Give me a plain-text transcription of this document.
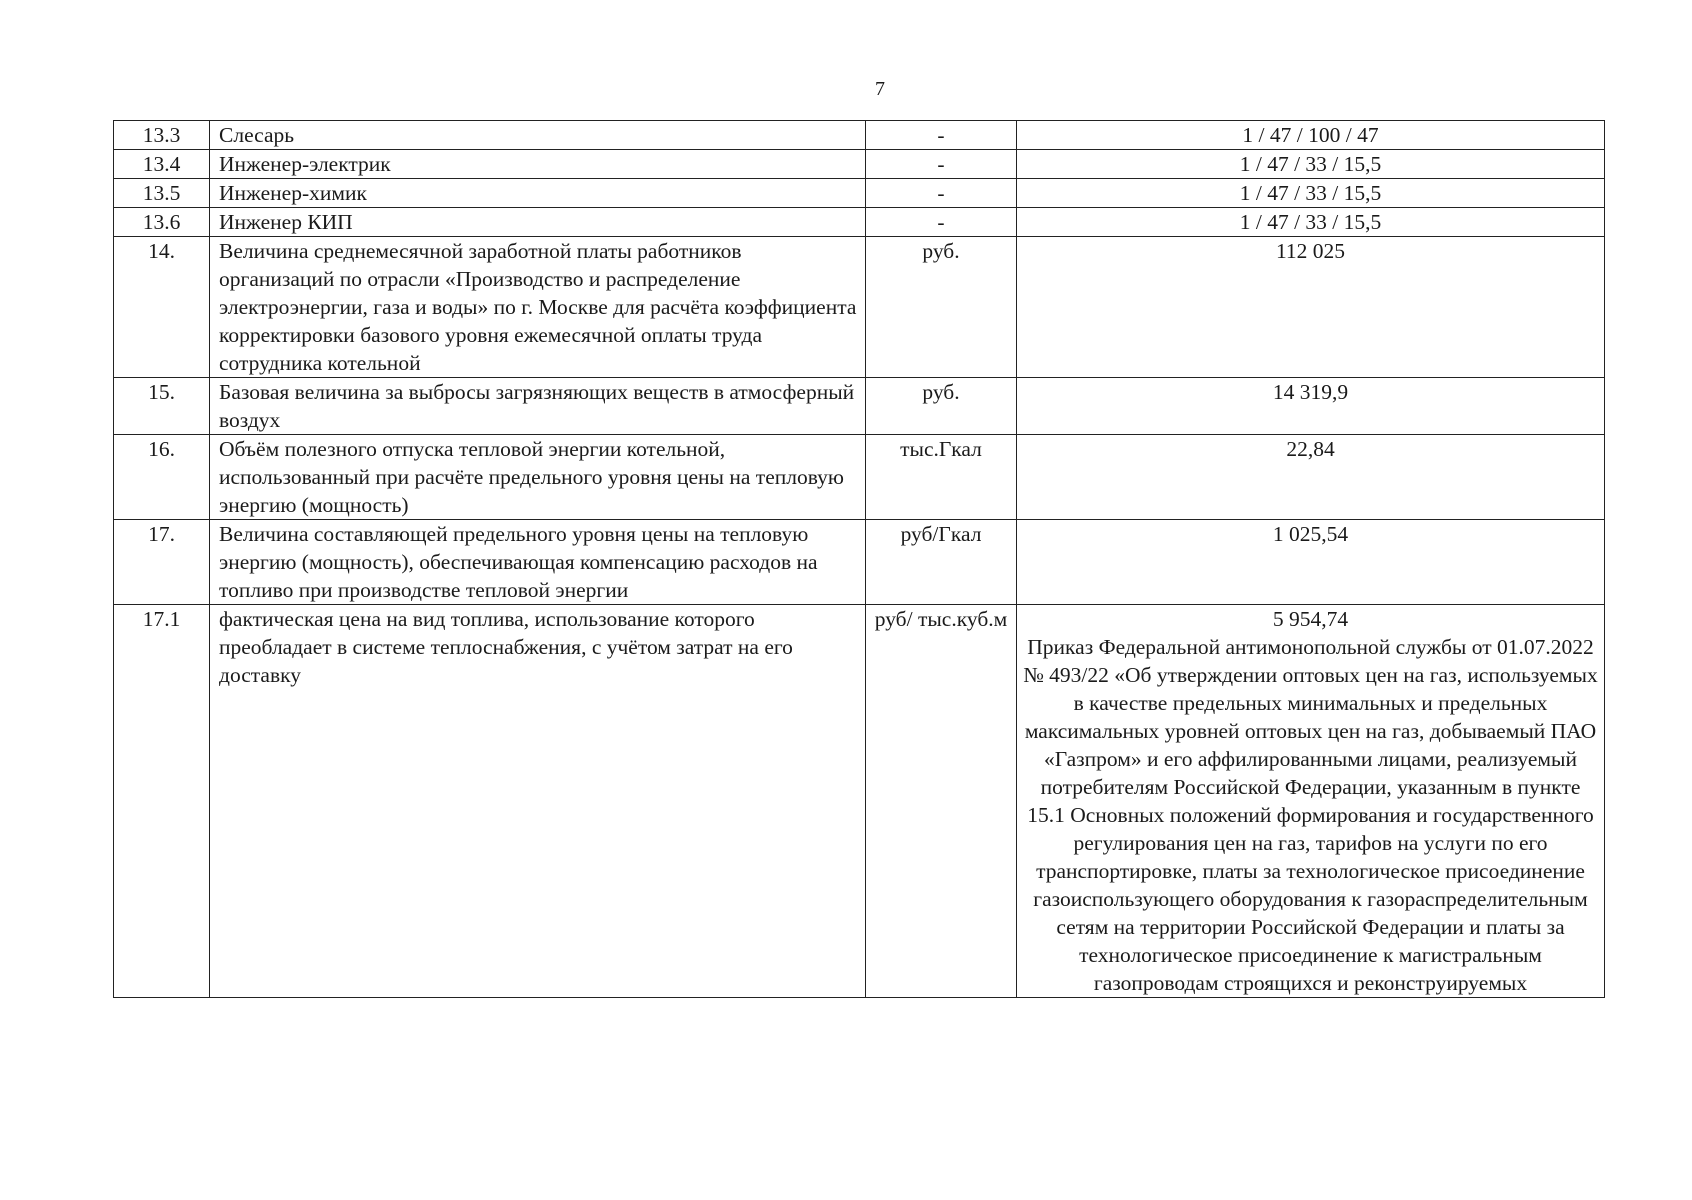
7
13.3	Слесарь	-	1 / 47 / 100 / 47
13.4	Инженер-электрик	-	1 / 47 / 33 / 15,5
13.5	Инженер-химик	-	1 / 47 / 33 / 15,5
13.6	Инженер КИП	-	1 / 47 / 33 / 15,5
14.	Величина среднемесячной заработной платы работников организаций по отрасли «Производство и распределение электроэнергии, газа и воды» по г. Москве для расчёта коэффициента корректировки базового уровня ежемесячной оплаты труда сотрудника котельной	руб.	112 025
15.	Базовая величина за выбросы загрязняющих веществ в атмосферный воздух	руб.	14 319,9
16.	Объём полезного отпуска тепловой энергии котельной, использованный при расчёте предельного уровня цены на тепловую энергию (мощность)	тыс.Гкал	22,84
17.	Величина составляющей предельного уровня цены на тепловую энергию (мощность), обеспечивающая компенсацию расходов на топливо при производстве тепловой энергии	руб/Гкал	1 025,54
17.1	фактическая цена на вид топлива, использование которого преобладает в системе теплоснабжения, с учётом затрат на его доставку	руб/ тыс.куб.м	5 954,74
Приказ Федеральной антимонопольной службы от 01.07.2022 № 493/22 «Об утверждении оптовых цен на газ, используемых в качестве предельных минимальных и предельных максимальных уровней оптовых цен на газ, добываемый ПАО «Газпром» и его аффилированными лицами, реализуемый потребителям Российской Федерации, указанным в пункте 15.1 Основных положений формирования и государственного регулирования цен на газ, тарифов на услуги по его транспортировке, платы за технологическое присоединение газоиспользующего оборудования к газораспределительным сетям на территории Российской Федерации и платы за технологическое присоединение к магистральным газопроводам строящихся и реконструируемых
